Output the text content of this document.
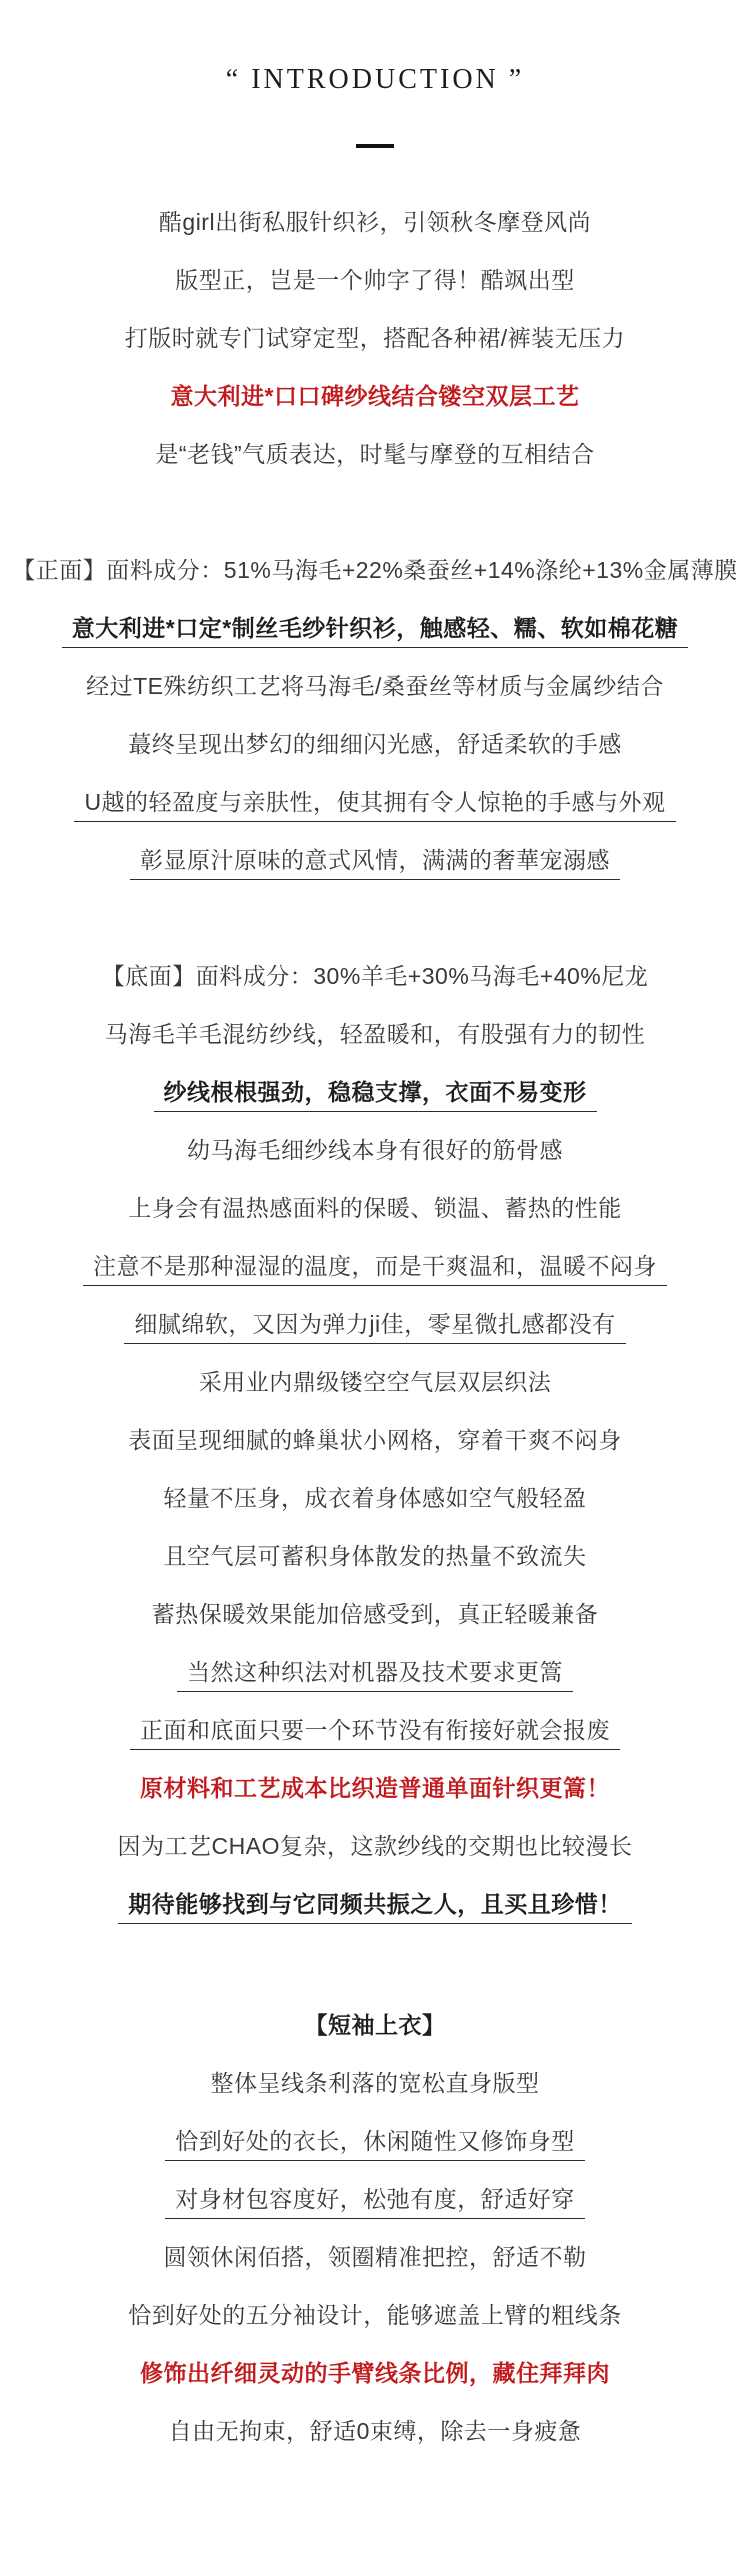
“ INTRODUCTION ”
酷girl出街私服针织衫，引领秋冬摩登风尚
版型正，岂是一个帅字了得！酷飒出型
打版时就专门试穿定型，搭配各种裙/裤装无压力
意大利进*口口碑纱线结合镂空双层工艺
是“老钱”气质表达，时髦与摩登的互相结合
【正面】面料成分：51%马海毛+22%桑蚕丝+14%涤纶+13%金属薄膜
意大利进*口定*制丝毛纱针织衫，触感轻、糯、软如棉花糖
经过TE殊纺织工艺将马海毛/桑蚕丝等材质与金属纱结合
蕞终呈现出梦幻的细细闪光感，舒适柔软的手感
U越的轻盈度与亲肤性，使其拥有令人惊艳的手感与外观
彰显原汁原味的意式风情，满满的奢華宠溺感
【底面】面料成分：30%羊毛+30%马海毛+40%尼龙
马海毛羊毛混纺纱线，轻盈暖和，有股强有力的韧性
纱线根根强劲，稳稳支撑，衣面不易变形
幼马海毛细纱线本身有很好的筋骨感
上身会有温热感面料的保暖、锁温、蓄热的性能
注意不是那种湿湿的温度，而是干爽温和，温暖不闷身
细腻绵软，又因为弹力ji佳，零星微扎感都没有
采用业内鼎级镂空空气层双层织法
表面呈现细腻的蜂巢状小网格，穿着干爽不闷身
轻量不压身，成衣着身体感如空气般轻盈
且空气层可蓄积身体散发的热量不致流失
蓄热保暖效果能加倍感受到，真正轻暖兼备
当然这种织法对机器及技术要求更篙
正面和底面只要一个环节没有衔接好就会报废
原材料和工艺成本比织造普通单面针织更篙！
因为工艺CHAO复杂，这款纱线的交期也比较漫长
期待能够找到与它同频共振之人，且买且珍惜！
【短袖上衣】
整体呈线条利落的宽松直身版型
恰到好处的衣长，休闲随性又修饰身型
对身材包容度好，松弛有度，舒适好穿
圆领休闲佰搭，领圈精准把控，舒适不勒
恰到好处的五分袖设计，能够遮盖上臂的粗线条
修饰出纤细灵动的手臂线条比例，藏住拜拜肉
自由无拘束，舒适0束缚，除去一身疲惫
